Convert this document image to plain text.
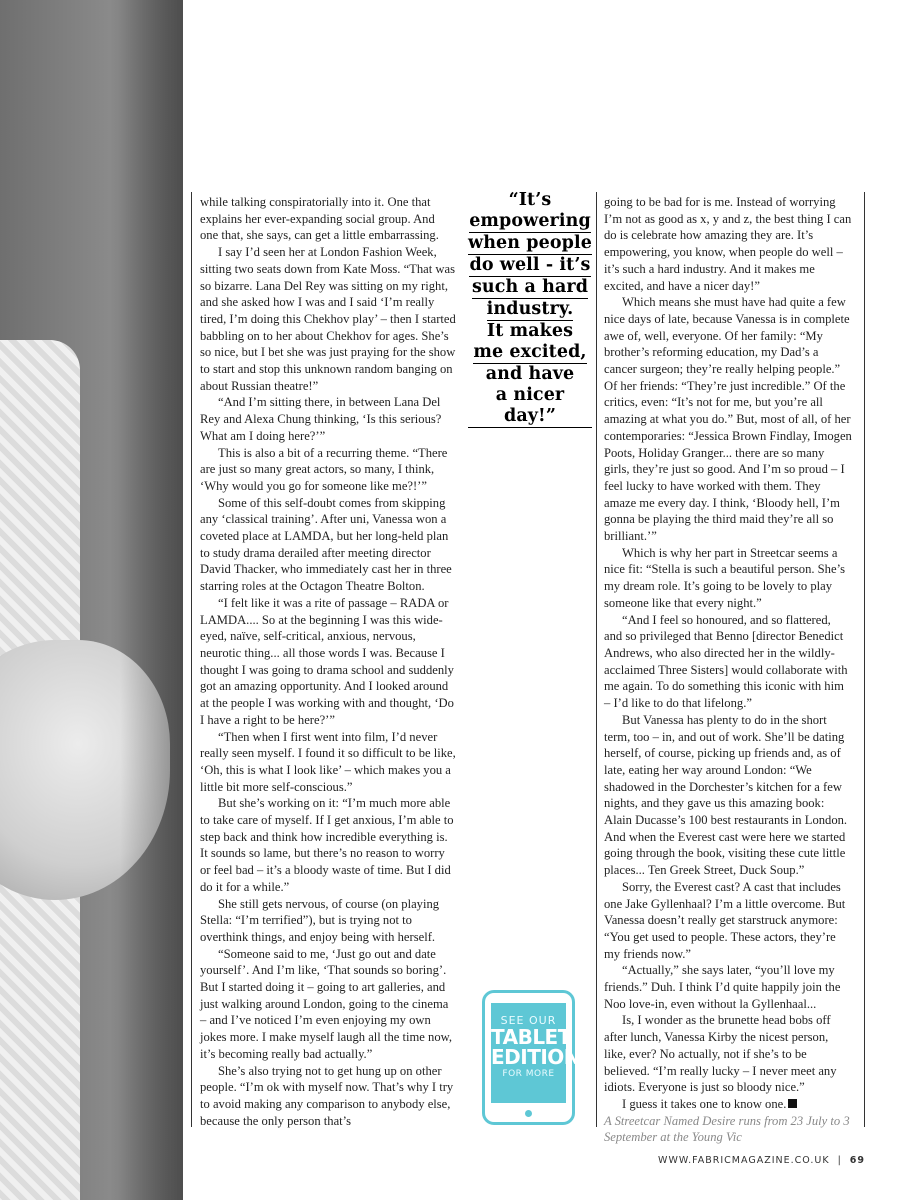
while talking conspiratorially into it. One that explains her ever-expanding social group. And one that, she says, can get a little embarrassing.

I say I’d seen her at London Fashion Week, sitting two seats down from Kate Moss. “That was so bizarre. Lana Del Rey was sitting on my right, and she asked how I was and I said ‘I’m really tired, I’m doing this Chekhov play’ – then I started babbling on to her about Chekhov for ages. She’s so nice, but I bet she was just praying for the show to start and stop this unknown random banging on about Russian theatre!”

“And I’m sitting there, in between Lana Del Rey and Alexa Chung thinking, ‘Is this serious? What am I doing here?’”

This is also a bit of a recurring theme. “There are just so many great actors, so many, I think, ‘Why would you go for someone like me?!’”

Some of this self-doubt comes from skipping any ‘classical training’. After uni, Vanessa won a coveted place at LAMDA, but her long-held plan to study drama derailed after meeting director David Thacker, who immediately cast her in three starring roles at the Octagon Theatre Bolton.

“I felt like it was a rite of passage – RADA or LAMDA.... So at the beginning I was this wide-eyed, naïve, self-critical, anxious, nervous, neurotic thing... all those words I was. Because I thought I was going to drama school and suddenly got an amazing opportunity. And I looked around at the people I was working with and thought, ‘Do I have a right to be here?’”

“Then when I first went into film, I’d never really seen myself. I found it so difficult to be like, ‘Oh, this is what I look like’ – which makes you a little bit more self-conscious.”

But she’s working on it: “I’m much more able to take care of myself. If I get anxious, I’m able to step back and think how incredible everything is. It sounds so lame, but there’s no reason to worry or feel bad – it’s a bloody waste of time. But I did do it for a while.”

She still gets nervous, of course (on playing Stella: “I’m terrified”), but is trying not to overthink things, and enjoy being with herself.

“Someone said to me, ‘Just go out and date yourself’. And I’m like, ‘That sounds so boring’. But I started doing it – going to art galleries, and just walking around London, going to the cinema – and I’ve noticed I’m even enjoying my own jokes more. I make myself laugh all the time now, it’s becoming really bad actually.”

She’s also trying not to get hung up on other people. “I’m ok with myself now. That’s why I try to avoid making any comparison to anybody else, because the only person that’s

“It’s
empowering
when people
do well - it’s
such a hard
industry.
It makes
me excited,
and have
a nicer day!”
SEE OUR
TABLET
EDITION
FOR MORE

going to be bad for is me. Instead of worrying I’m not as good as x, y and z, the best thing I can do is celebrate how amazing they are. It’s empowering, you know, when people do well – it’s such a hard industry. And it makes me excited, and have a nicer day!”

Which means she must have had quite a few nice days of late, because Vanessa is in complete awe of, well, everyone. Of her family: “My brother’s reforming education, my Dad’s a cancer surgeon; they’re really helping people.” Of her friends: “They’re just incredible.” Of the critics, even: “It’s not for me, but you’re all amazing at what you do.” But, most of all, of her contemporaries: “Jessica Brown Findlay, Imogen Poots, Holiday Granger... there are so many girls, they’re just so good. And I’m so proud – I feel lucky to have worked with them. They amaze me every day. I think, ‘Bloody hell, I’m gonna be playing the third maid they’re all so brilliant.’”

Which is why her part in Streetcar seems a nice fit: “Stella is such a beautiful person. She’s my dream role. It’s going to be lovely to play someone like that every night.”

“And I feel so honoured, and so flattered, and so privileged that Benno [director Benedict Andrews, who also directed her in the wildly-acclaimed Three Sisters] would collaborate with me again. To do something this iconic with him – I’d like to do that lifelong.”

But Vanessa has plenty to do in the short term, too – in, and out of work. She’ll be dating herself, of course, picking up friends and, as of late, eating her way around London: “We shadowed in the Dorchester’s kitchen for a few nights, and they gave us this amazing book: Alain Ducasse’s 100 best restaurants in London. And when the Everest cast were here we started going through the book, visiting these cute little places... Ten Greek Street, Duck Soup.”

Sorry, the Everest cast? A cast that includes one Jake Gyllenhaal? I’m a little overcome. But Vanessa doesn’t really get starstruck anymore: “You get used to people. These actors, they’re my friends now.”

“Actually,” she says later, “you’ll love my friends.” Duh. I think I’d quite happily join the Noo love-in, even without la Gyllenhaal...

Is, I wonder as the brunette head bobs off after lunch, Vanessa Kirby the nicest person, like, ever? No actually, not if she’s to be believed. “I’m really lucky – I never meet any idiots. Everyone is just so bloody nice.”

I guess it takes one to know one.

A Streetcar Named Desire runs from 23 July to 3 September at the Young Vic

WWW.FABRICMAGAZINE.CO.UK | 69
